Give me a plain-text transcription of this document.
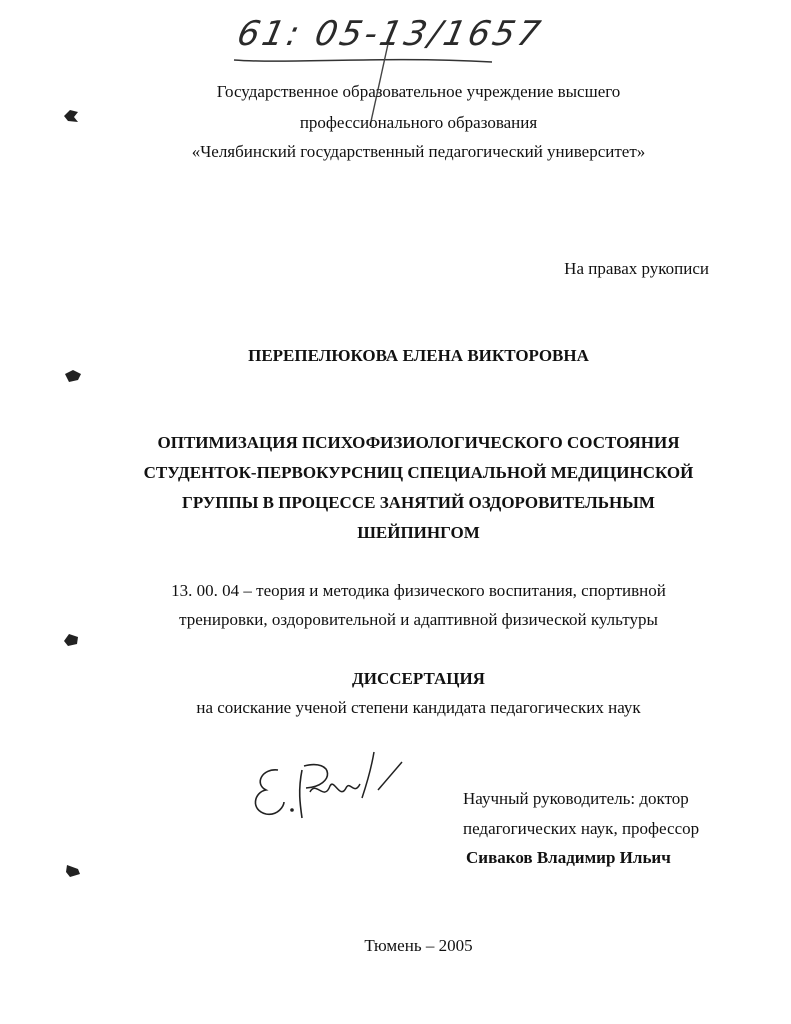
61: 05-13/1657
Государственное образовательное учреждение высшего
профессионального образования
«Челябинский государственный педагогический университет»
На правах рукописи
ПЕРЕПЕЛЮКОВА ЕЛЕНА ВИКТОРОВНА
ОПТИМИЗАЦИЯ ПСИХОФИЗИОЛОГИЧЕСКОГО СОСТОЯНИЯ
СТУДЕНТОК-ПЕРВОКУРСНИЦ СПЕЦИАЛЬНОЙ МЕДИЦИНСКОЙ
ГРУППЫ В ПРОЦЕССЕ ЗАНЯТИЙ ОЗДОРОВИТЕЛЬНЫМ
ШЕЙПИНГОМ
13. 00. 04 – теория и методика физического воспитания, спортивной
тренировки, оздоровительной и адаптивной физической культуры
ДИССЕРТАЦИЯ
на соискание ученой степени кандидата педагогических наук
Научный руководитель: доктор
педагогических наук, профессор
Сиваков Владимир Ильич
Тюмень – 2005
